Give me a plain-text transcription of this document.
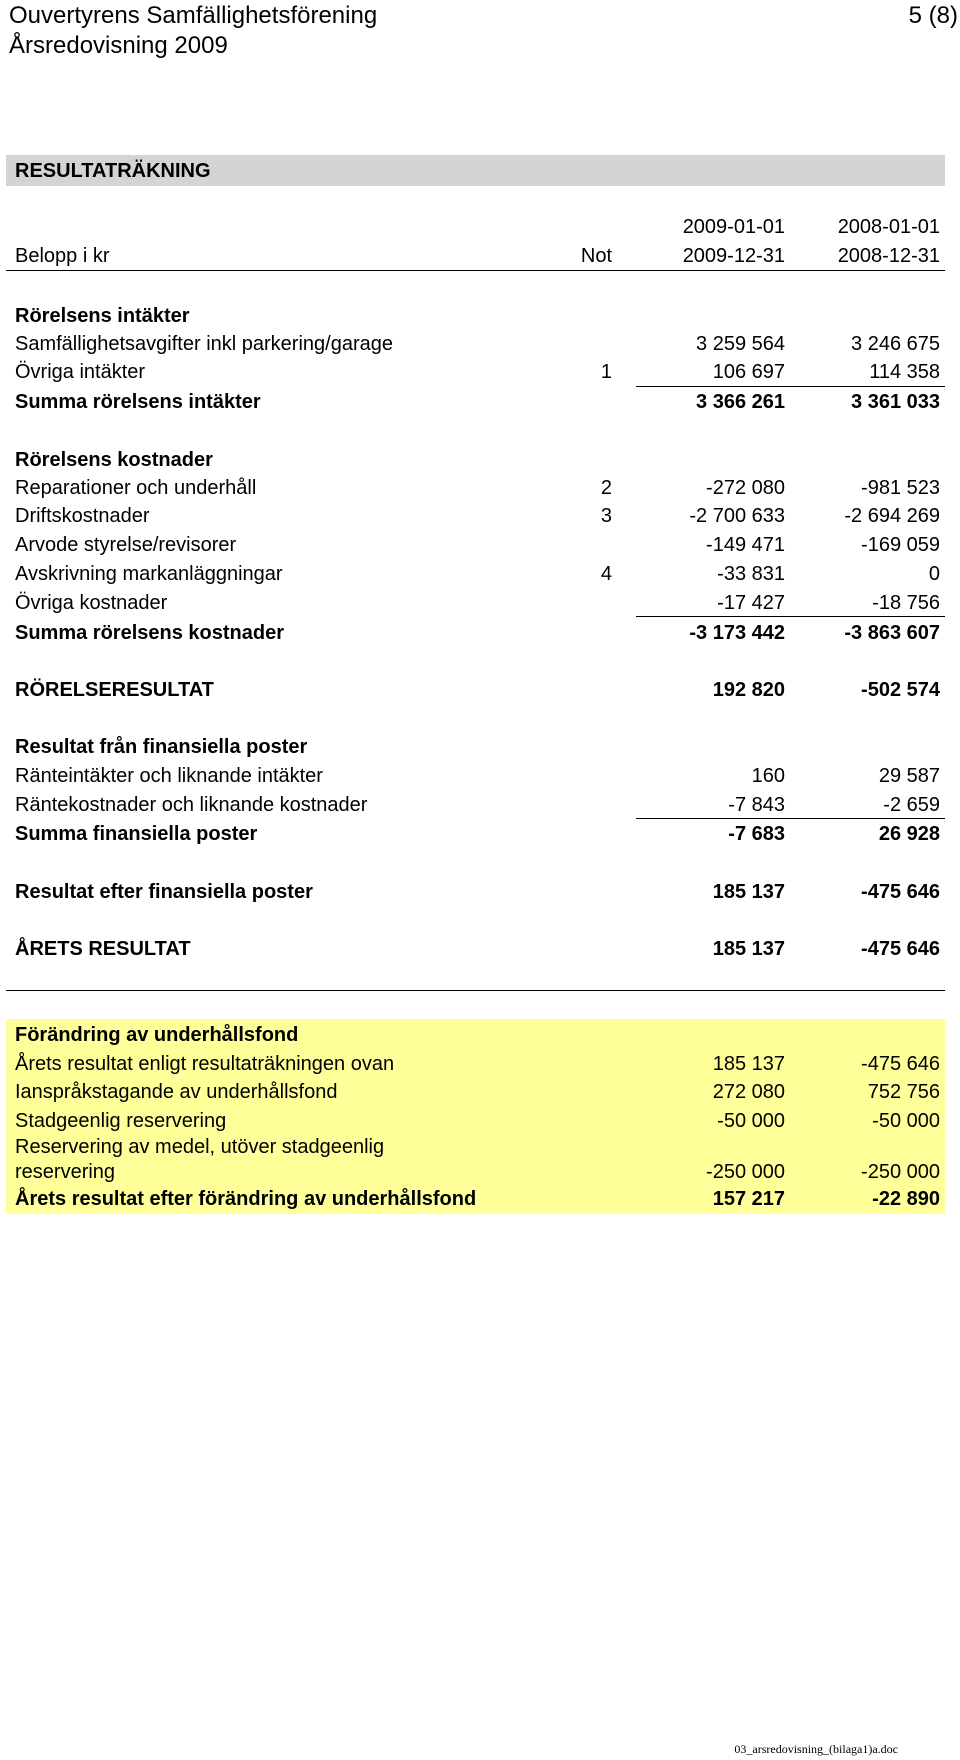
Ouvertyrens Samfällighetsförening
Årsredovisning 2009
5 (8)
RESULTATRÄKNING
2009-01-01	2008-01-01
Belopp i kr	Not	2009-12-31	2008-12-31
Rörelsens intäkter
Samfällighetsavgifter inkl parkering/garage	3 259 564	3 246 675
Övriga intäkter	1	106 697	114 358
Summa rörelsens intäkter	3 366 261	3 361 033
Rörelsens kostnader
Reparationer och underhåll	2	-272 080	-981 523
Driftskostnader	3	-2 700 633	-2 694 269
Arvode styrelse/revisorer	-149 471	-169 059
Avskrivning markanläggningar	4	-33 831	0
Övriga kostnader	-17 427	-18 756
Summa rörelsens kostnader	-3 173 442	-3 863 607
RÖRELSERESULTAT	192 820	-502 574
Resultat från finansiella poster
Ränteintäkter och liknande intäkter	160	29 587
Räntekostnader och liknande kostnader	-7 843	-2 659
Summa finansiella poster	-7 683	26 928
Resultat efter finansiella poster	185 137	-475 646
ÅRETS RESULTAT	185 137	-475 646
Förändring av underhållsfond
Årets resultat enligt resultaträkningen ovan	185 137	-475 646
Ianspråkstagande av underhållsfond	272 080	752 756
Stadgeenlig reservering	-50 000	-50 000
Reservering av medel, utöver stadgeenlig
reservering	-250 000	-250 000
Årets resultat efter förändring av underhållsfond	157 217	-22 890
03_arsredovisning_(bilaga1)a.doc
